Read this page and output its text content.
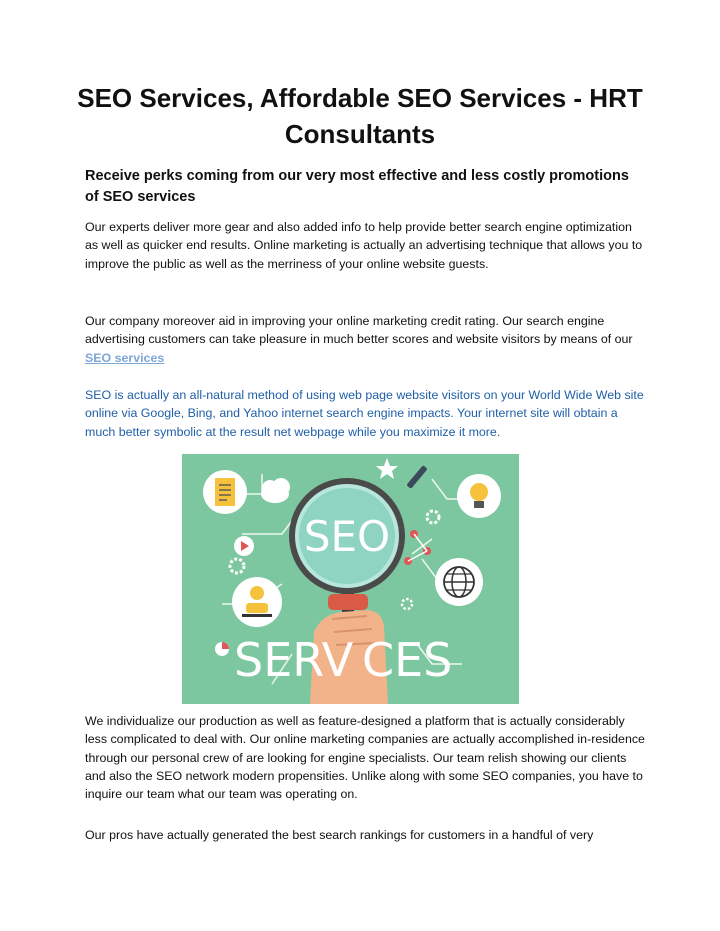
SEO Services, Affordable SEO Services - HRT Consultants
Receive perks coming from our very most effective and less costly promotions of SEO services

Our experts deliver more gear and also added info to help provide better search engine optimization as well as quicker end results. Online marketing is actually an advertising technique that allows you to improve the public as well as the merriness of your online website guests.

Our company moreover aid in improving your online marketing credit rating. Our search engine advertising customers can take pleasure in much better scores and website visitors by means of our SEO services

SEO is actually an all-natural method of using web page website visitors on your World Wide Web site online via Google, Bing, and Yahoo internet search engine impacts. Your internet site will obtain a much better symbolic at the result net webpage while you maximize it more.

SEO
SERV CES

We individualize our production as well as feature-designed a platform that is actually considerably less complicated to deal with. Our online marketing companies are actually accomplished in-residence through our personal crew of are looking for engine specialists. Our team relish showing our clients and also the SEO network modern propensities. Unlike along with some SEO companies, you have to inquire our team what our team was operating on.

Our pros have actually generated the best search rankings for customers in a handful of very
